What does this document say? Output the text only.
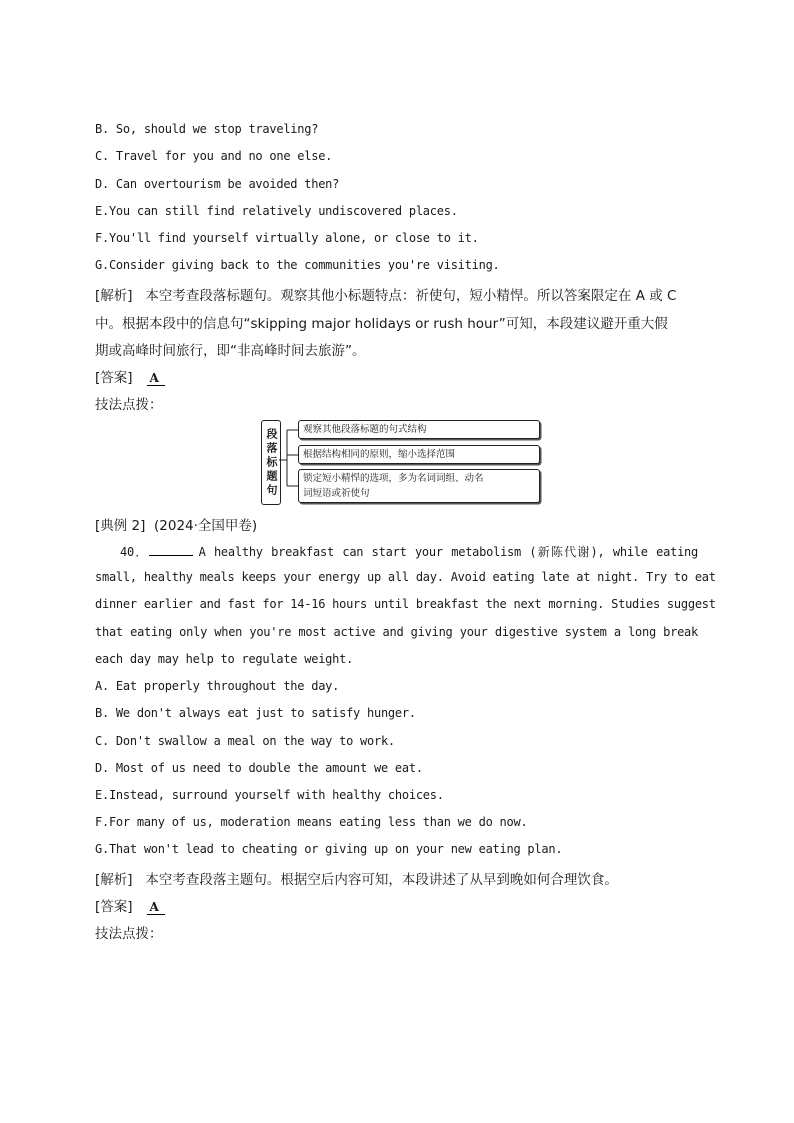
B. So, should we stop traveling?
C. Travel for you and no one else.
D. Can overtourism be avoided then?
E.You can still find relatively undiscovered places.
F.You'll find yourself virtually alone, or close to it.
G.Consider giving back to the communities you're visiting.
[解析] 本空考查段落标题句。观察其他小标题特点：祈使句，短小精悍。所以答案限定在 A 或 C
中。根据本段中的信息句“skipping major holidays or rush hour”可知，本段建议避开重大假
期或高峰时间旅行，即“非高峰时间去旅游”。
[答案] A
技法点拨：
段落标题句	观察其他段落标题的句式结构
根据结构相同的原则，缩小选择范围
锁定短小精悍的选项，多为名词词组、动名
词短语或祈使句
[典例 2] (2024·全国甲卷)
40．	A healthy breakfast can start your metabolism (新陈代谢), while eating
small, healthy meals keeps your energy up all day. Avoid eating late at night. Try to eat
dinner earlier and fast for 14-16 hours until breakfast the next morning. Studies suggest
that eating only when you're most active and giving your digestive system a long break
each day may help to regulate weight.
A. Eat properly throughout the day.
B. We don't always eat just to satisfy hunger.
C. Don't swallow a meal on the way to work.
D. Most of us need to double the amount we eat.
E.Instead, surround yourself with healthy choices.
F.For many of us, moderation means eating less than we do now.
G.That won't lead to cheating or giving up on your new eating plan.
[解析] 本空考查段落主题句。根据空后内容可知，本段讲述了从早到晚如何合理饮食。
[答案] A
技法点拨：
